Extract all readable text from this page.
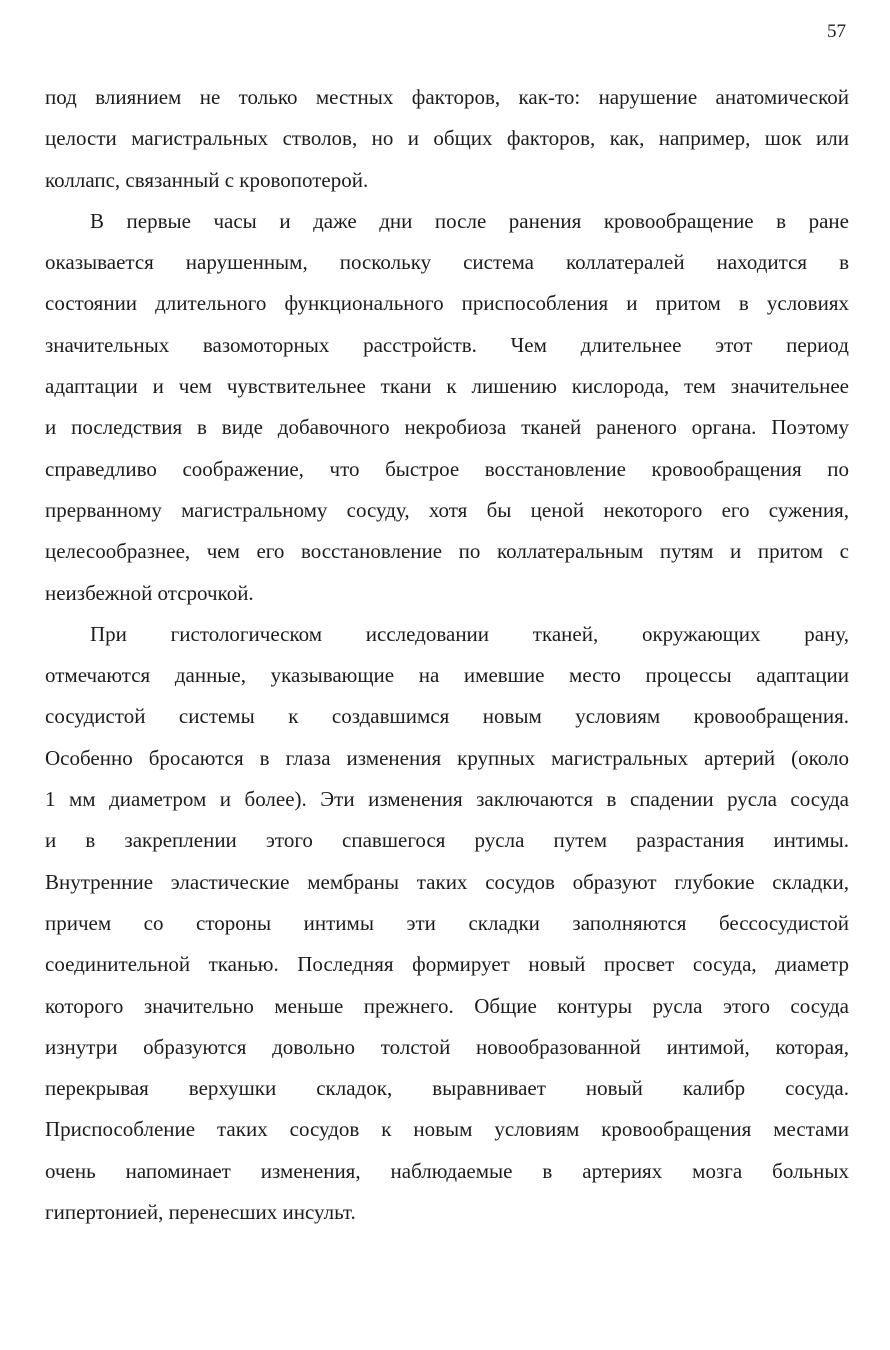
57
под влиянием не только местных факторов, как-то: нарушение анатомической
целости магистральных стволов, но и общих факторов, как, например, шок или
коллапс, связанный с кровопотерой.
В первые часы и даже дни после ранения кровообращение в ране
оказывается нарушенным, поскольку система коллатералей находится в
состоянии длительного функционального приспособления и притом в условиях
значительных вазомоторных расстройств. Чем длительнее этот период
адаптации и чем чувствительнее ткани к лишению кислорода, тем значительнее
и последствия в виде добавочного некробиоза тканей раненого органа. Поэтому
справедливо соображение, что быстрое восстановление кровообращения по
прерванному магистральному сосуду, хотя бы ценой некоторого его сужения,
целесообразнее, чем его восстановление по коллатеральным путям и притом с
неизбежной отсрочкой.
При гистологическом исследовании тканей, окружающих рану,
отмечаются данные, указывающие на имевшие место процессы адаптации
сосудистой системы к создавшимся новым условиям кровообращения.
Особенно бросаются в глаза изменения крупных магистральных артерий (около
1 мм диаметром и более). Эти изменения заключаются в спадении русла сосуда
и в закреплении этого спавшегося русла путем разрастания интимы.
Внутренние эластические мембраны таких сосудов образуют глубокие складки,
причем со стороны интимы эти складки заполняются бессосудистой
соединительной тканью. Последняя формирует новый просвет сосуда, диаметр
которого значительно меньше прежнего. Общие контуры русла этого сосуда
изнутри образуются довольно толстой новообразованной интимой, которая,
перекрывая верхушки складок, выравнивает новый калибр сосуда.
Приспособление таких сосудов к новым условиям кровообращения местами
очень напоминает изменения, наблюдаемые в артериях мозга больных
гипертонией, перенесших инсульт.
